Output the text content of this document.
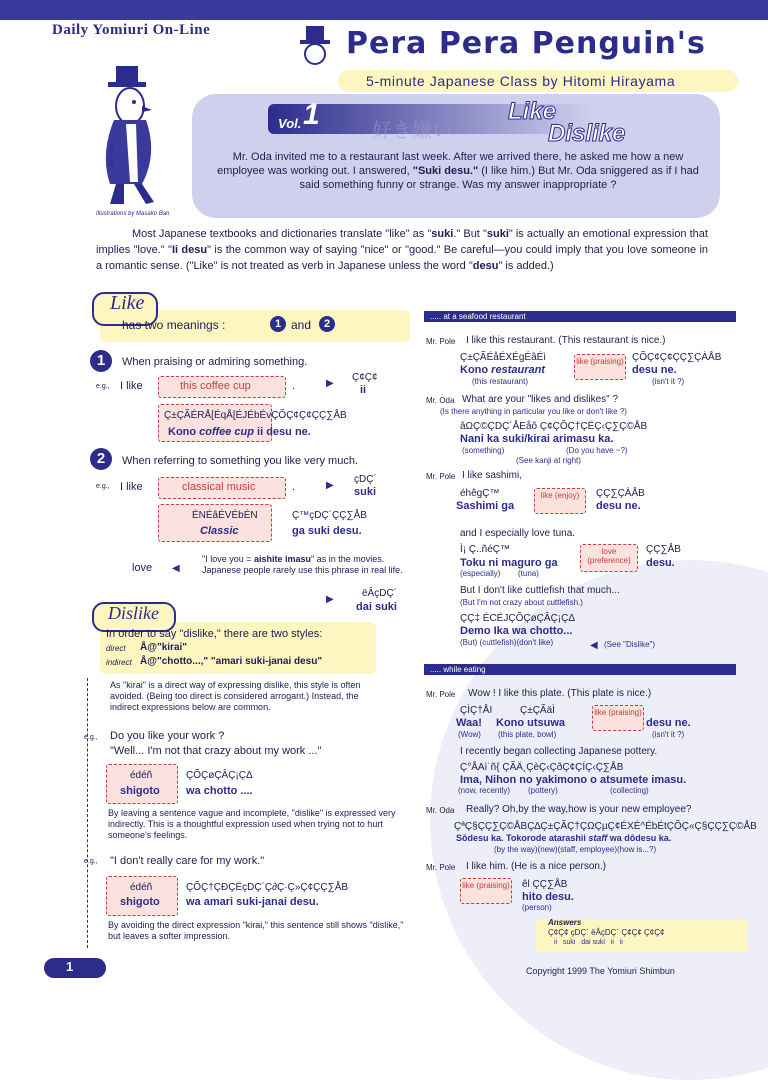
Daily Yomiuri On-Line	Pera Pera Penguin's
5-minute Japanese Class by Hitomi Hirayama
Mr. Pole
Illustrations by Masako Ban
Vol. 1	好き嫌い
Like
Dislike
Mr. Oda invited me to a restaurant last week. After we arrived there, he asked me how a new employee was working out. I answered, "Suki desu." (I like him.) But Mr. Oda sniggered as if I had said something funny or strange. Was my answer inappropriate ?
Most Japanese textbooks and dictionaries translate "like" as "suki." But "suki" is actually an emotional expression that implies "love." "Ii desu" is the common way of saying "nice" or "good." Be careful—you could imply that you love someone in a romantic sense. ("Like" is not treated as verb in Japanese unless the word "desu" is added.)
Like
has two meanings :	1 and	2
1	When praising or admiring something.
e.g., I like	this coffee cup	.	▶
Ç¢Ç¢
ii
Ç±ÇÃÉRÅ[ÉqÅ[ÉJÉbÉvÇÕÇ¢Ç¢ÇÇ∑ÅB
Kono coffee cup ii desu ne.
2	When referring to something you like very much.
e.g., I like	classical music	.	▶
çDÇ´
suki
ÉNÉâÉVÉbÉN
Classic
Ç™çDÇ´ÇÇ∑ÅB
ga suki desu.
love ◀
"I love you = aishite imasu" as in the movies. Japanese people rarely use this phrase in real life.
▶
ëÂçDÇ´
dai suki
Dislike
In order to say "dislike," there are two styles:
direct Å@"kirai"
indirect Å@"chotto...," "amari suki-janai desu"
As "kirai" is a direct way of expressing dislike, this style is often avoided. (Being too direct is considered arrogant.) Instead, the indirect expressions below are common.
e.g., Do you like your work ?
"Well... I'm not that crazy about my work ..."
édéñ
shigoto
ÇÕÇøÇÂÇ¡ÇΔ
wa chotto ....
By leaving a sentence vague and incomplete, "dislike" is expressed very indirectly. This is a thoughtful expression used when trying not to hurt someone's feelings.
e.g., "I don't really care for my work."
édéñ
shigoto
ÇÕÇ†ÇÐÇËçDÇ´Ç∂Ç·Ç»Ç¢ÇÇ∑ÅB
wa amari suki-janai desu.
By avoiding the direct expression "kirai," this sentence still shows "dislike," but leaves a softer impression.
..... at a seafood restaurant
Mr. Pole I like this restaurant. (This restaurant is nice.)
Ç±ÇÃÉåÉXÉgÉâÉì
Kono restaurant
like (praising) ÇÕÇ¢Ç¢ÇÇ∑ÇÀÅB
desu ne.
(this restaurant)	(isn't it ?)
Mr. Oda What are your "likes and dislikes" ?
(Is there anything in particular you like or don't like ?)
âΩÇ©ÇDÇ´ÅEåô Ç¢ÇÕÇ†ÇËÇ‹Ç∑Ç©ÅB
Nani ka suki/kirai arimasu ka.
(something)	(Do you have ~?)
(See kanji at right)
Mr. Pole I like sashimi,
éhêgÇ™
Sashimi ga
like (enjoy)	ÇÇ∑ÇÀÅB
desu ne.
and I especially love tuna.
Ì¡ Ç..ñéÇ™
Toku ni maguro ga
love (preference)
ÇÇ∑ÅB
desu.
(especially) (tuna)
But I don't like cuttlefish that much...
(But I'm not crazy about cuttlefish.)
ÇÇ‡ ÉCÉJÇÕÇøÇÂÇ¡ÇΔ
Demo Ika wa chotto...
(But) (cuttlefish)(don't like)	◀ (See "Dislike")
..... while eating
Mr. Pole Wow ! I like this plate. (This plate is nice.)
ÇÌÇ†ÅI	Ç±ÇÃäÌ
Waa! Kono utsuwa
like (praising)
desu ne.
(Wow) (this plate, bowl)	(isn't it ?)
I recently began collecting Japanese pottery.
Ç°ÅAì˙ñ{ ÇÃÄ¸ÇèÇ‹ÇðÇ¢ÇÍÇ‹Ç∑ÅB
Ima, Nihon no yakimono o atsumete imasu.
(now, recently) (pottery)	(collecting)
Mr. Oda Really? Oh,by the way,how is your new employee?
ÇªÇ§ÇÇ∑Ç©ÅBÇ∆Ç±ÇÃÇ†ÇΩÇµÇ¢ÉXÉ^ÉbÉtÇÕÇ«Ç§ÇÇ∑Ç©ÅB
Sōdesu ka. Tokorode atarashii staff wa dōdesu ka.
(by the way)(new)(staff, employee)(how is...?)
Mr. Pole I like him. (He is a nice person.)
like (praising) êl ÇÇ∑ÅB
hito desu.
(person)
Answers
Ç¢Ç¢ çDÇ´ ëÂçDÇ´ Ç¢Ç¢ Ç¢Ç¢
ii   suki   dai suki   ii   ii
1	Copyright 1999 The Yomiuri Shimbun
